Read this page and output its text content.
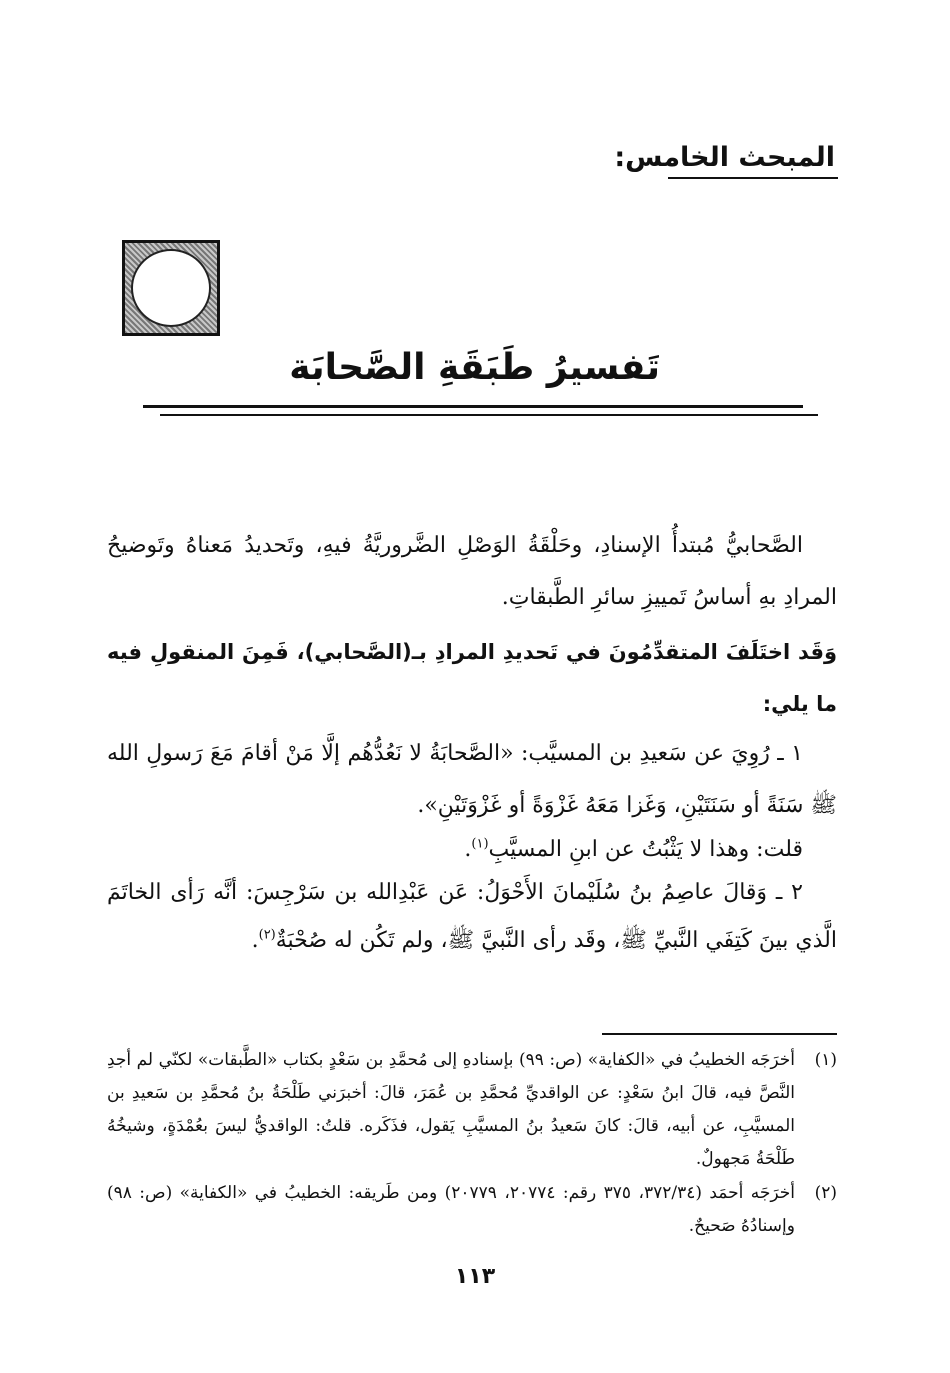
المبحث الخامس:
تَفسيرُ طَبَقَةِ الصَّحابَة
الصَّحابيُّ مُبتدأُ الإسنادِ، وحَلْقَةُ الوَصْلِ الضَّروريَّةُ فيهِ، وتَحديدُ مَعناهُ وتَوضيحُ المرادِ بهِ أساسُ تَمييزِ سائرِ الطَّبقاتِ.
وَقَد اختَلَفَ المتقدِّمُونَ في تَحديدِ المرادِ بـ(الصَّحابي)، فَمِنَ المنقولِ فيه ما يلي:
١ ـ رُوِيَ عن سَعيدِ بن المسيَّب: «الصَّحابَةُ لا نَعُدُّهُم إلَّا مَنْ أقامَ مَعَ رَسولِ الله ﷺ سَنَةً أو سَنَتَيْنِ، وَغَزا مَعَهُ غَزْوَةً أو غَزْوَتَيْنِ».
قلت: وهذا لا يَثْبُتُ عن ابنِ المسيَّبِ$^{(١)}$.
٢ ـ وَقالَ عاصِمُ بنُ سُلَيْمانَ الأَحْوَلُ: عَن عَبْدِالله بن سَرْجِسَ: أنَّه رَأى الخاتَمَ الَّذي بينَ كَتِفَي النَّبيِّ ﷺ، وقَد رأى النَّبيَّ ﷺ، ولم تَكُن له صُحْبَةٌ$^{(٢)}$.
(١)
أخرَجَه الخطيبُ في «الكفاية» (ص: ٩٩) بإسنادهِ إلى مُحمَّدِ بن سَعْدٍ بكتاب «الطَّبقات» لكنّي لم أجدِ النَّصَّ فيه، قالَ ابنُ سَعْدٍ: عن الواقديِّ مُحمَّدِ بن عُمَرَ، قالَ: أخبرَني طَلْحَةُ بنُ مُحمَّدِ بن سَعيدِ بن المسيَّبِ، عن أبيه، قالَ: كانَ سَعيدُ بنُ المسيَّبِ يَقول، فذَكَره. قلتُ: الواقديُّ ليسَ بعُمْدَةٍ، وشيخُهُ طَلْحَةُ مَجهولٌ.
(٢)
أخرَجَه أحمَد (٣٧٢/٣٤، ٣٧٥ رقم: ٢٠٧٧٤، ٢٠٧٧٩) ومن طَريقه: الخطيبُ في «الكفاية» (ص: ٩٨) وإسنادُهُ صَحيحٌ.
١١٣
